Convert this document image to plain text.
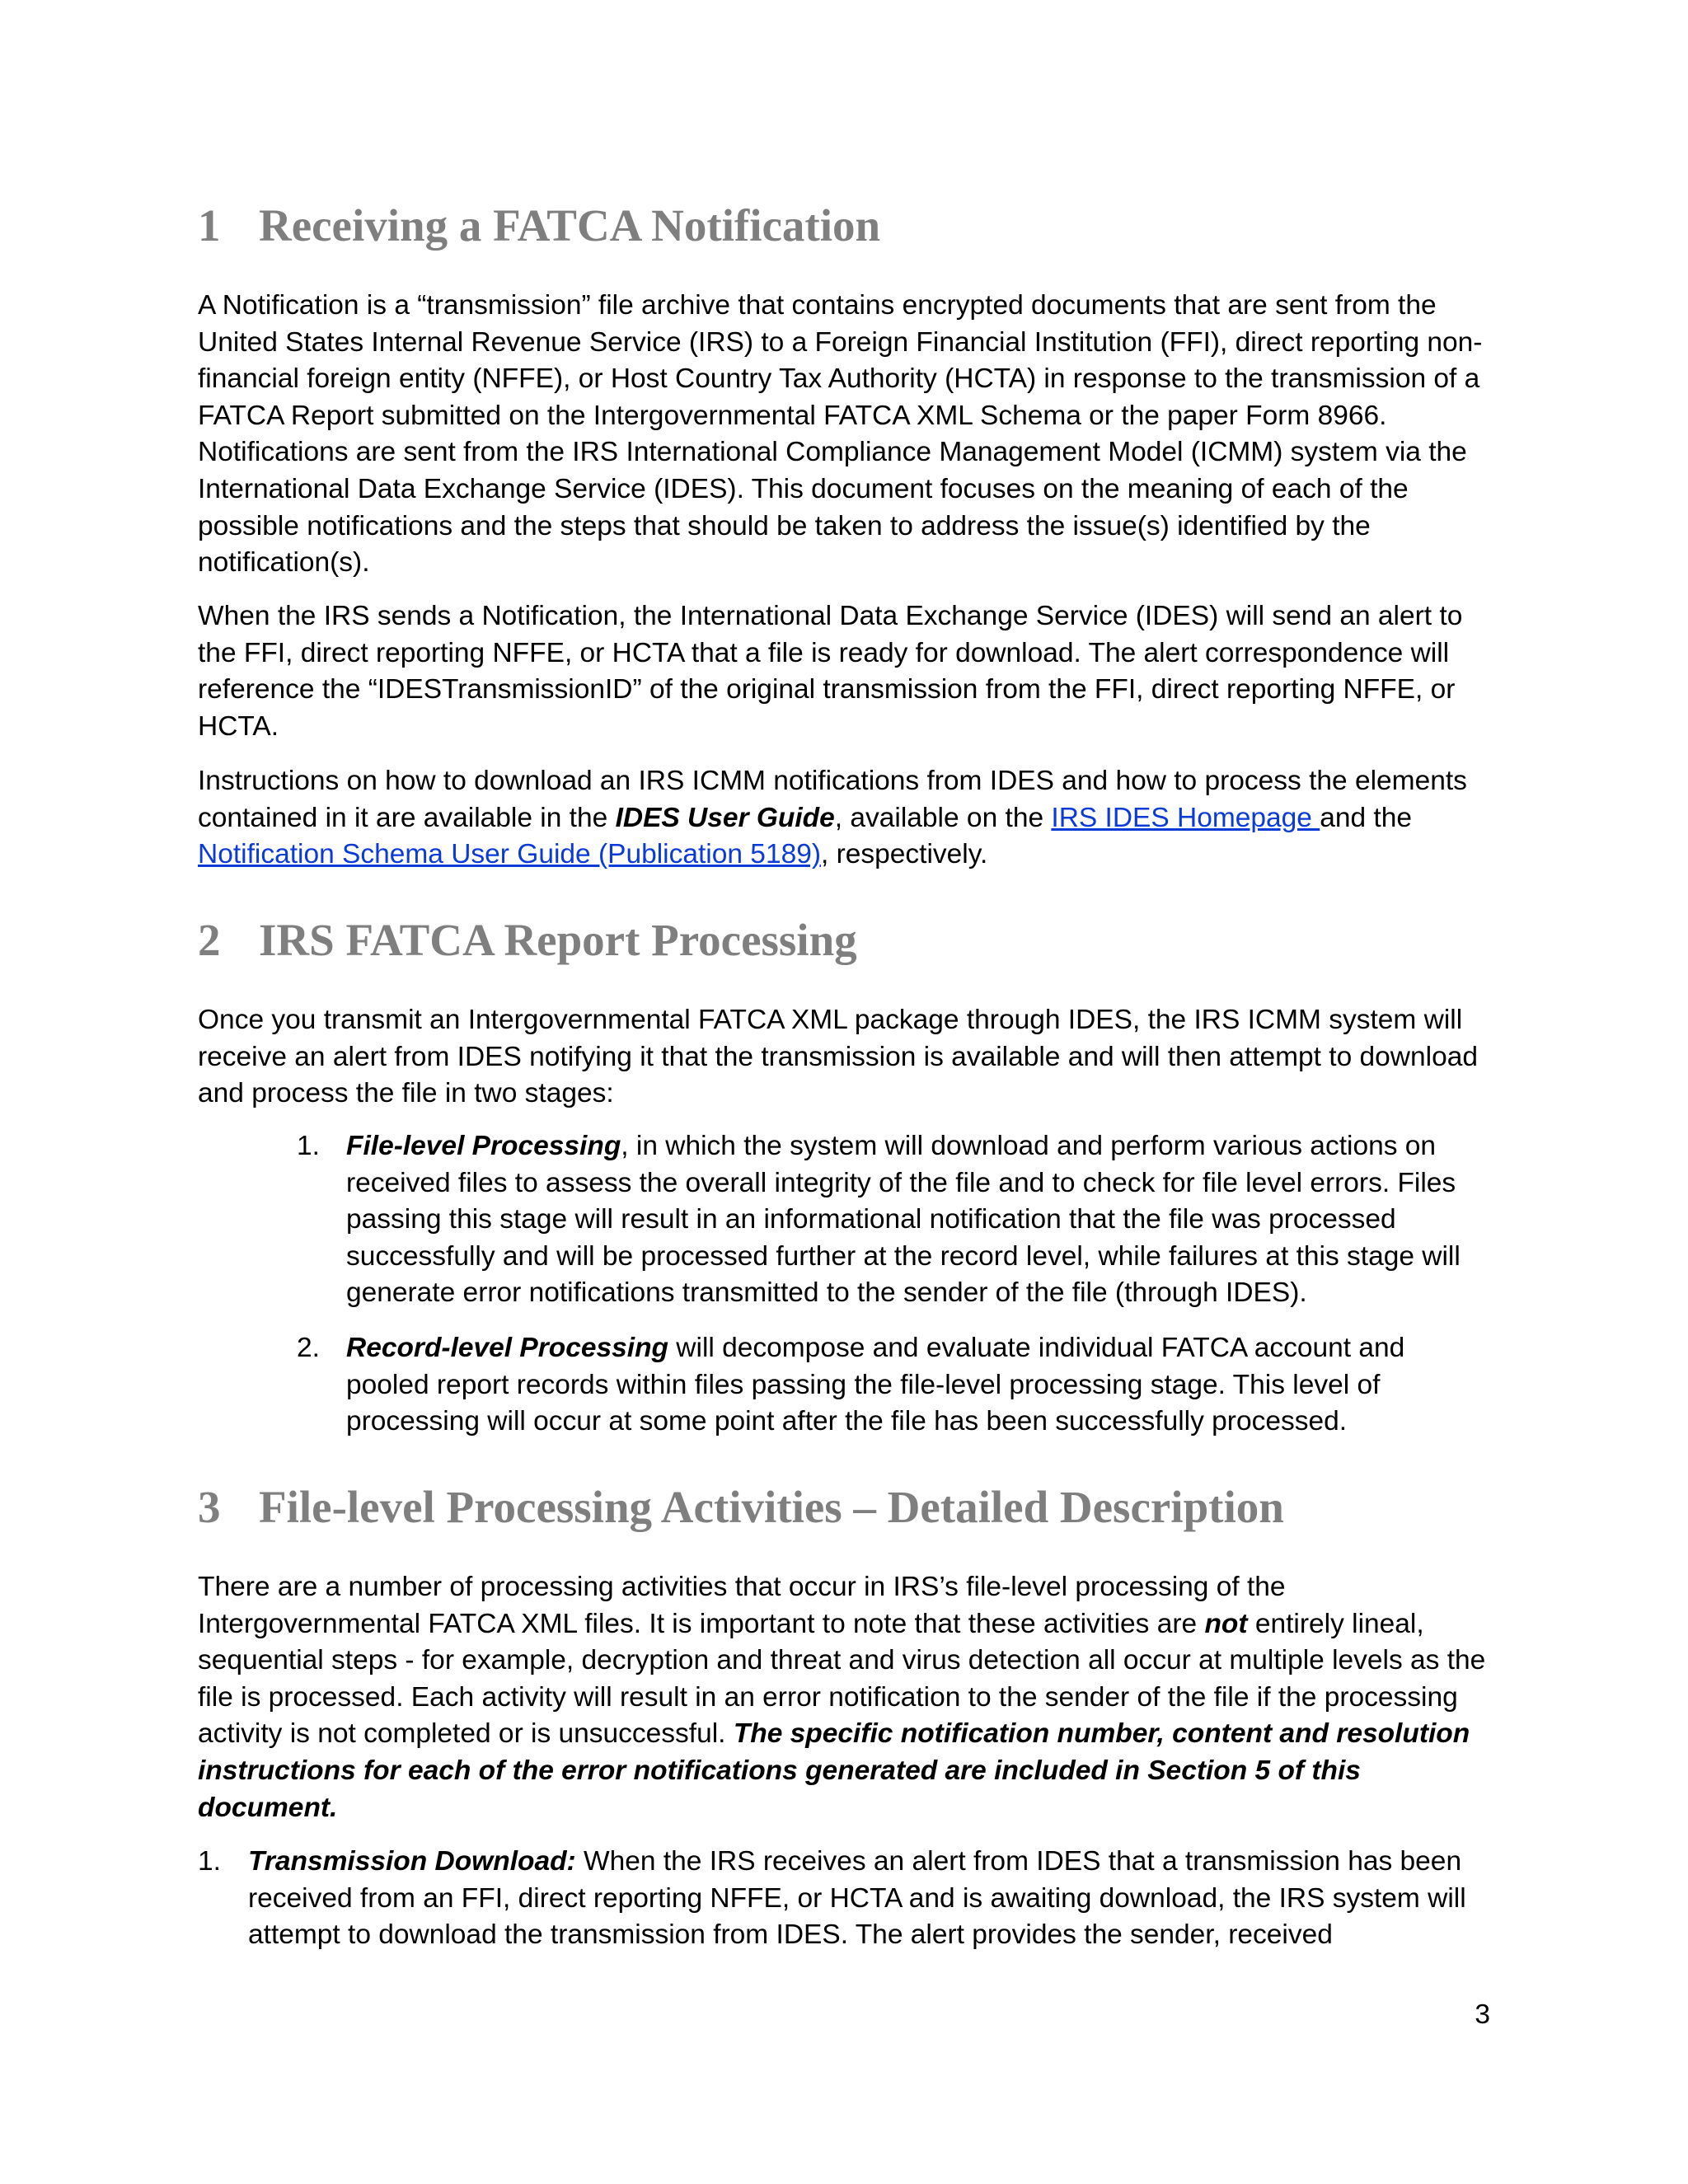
1 Receiving a FATCA Notification

A Notification is a “transmission” file archive that contains encrypted documents that are sent from the United States Internal Revenue Service (IRS) to a Foreign Financial Institution (FFI), direct reporting non-financial foreign entity (NFFE), or Host Country Tax Authority (HCTA) in response to the transmission of a FATCA Report submitted on the Intergovernmental FATCA XML Schema or the paper Form 8966. Notifications are sent from the IRS International Compliance Management Model (ICMM) system via the International Data Exchange Service (IDES). This document focuses on the meaning of each of the possible notifications and the steps that should be taken to address the issue(s) identified by the notification(s).

When the IRS sends a Notification, the International Data Exchange Service (IDES) will send an alert to the FFI, direct reporting NFFE, or HCTA that a file is ready for download. The alert correspondence will reference the “IDESTransmissionID” of the original transmission from the FFI, direct reporting NFFE, or HCTA.

Instructions on how to download an IRS ICMM notifications from IDES and how to process the elements contained in it are available in the IDES User Guide, available on the IRS IDES Homepage and the Notification Schema User Guide (Publication 5189), respectively.

2 IRS FATCA Report Processing

Once you transmit an Intergovernmental FATCA XML package through IDES, the IRS ICMM system will receive an alert from IDES notifying it that the transmission is available and will then attempt to download and process the file in two stages:

1. File-level Processing, in which the system will download and perform various actions on received files to assess the overall integrity of the file and to check for file level errors. Files passing this stage will result in an informational notification that the file was processed successfully and will be processed further at the record level, while failures at this stage will generate error notifications transmitted to the sender of the file (through IDES).

2. Record-level Processing will decompose and evaluate individual FATCA account and pooled report records within files passing the file-level processing stage. This level of processing will occur at some point after the file has been successfully processed.

3 File-level Processing Activities – Detailed Description

There are a number of processing activities that occur in IRS’s file-level processing of the Intergovernmental FATCA XML files. It is important to note that these activities are not entirely lineal, sequential steps - for example, decryption and threat and virus detection all occur at multiple levels as the file is processed. Each activity will result in an error notification to the sender of the file if the processing activity is not completed or is unsuccessful. The specific notification number, content and resolution instructions for each of the error notifications generated are included in Section 5 of this document.

1. Transmission Download: When the IRS receives an alert from IDES that a transmission has been received from an FFI, direct reporting NFFE, or HCTA and is awaiting download, the IRS system will attempt to download the transmission from IDES. The alert provides the sender, received

3
